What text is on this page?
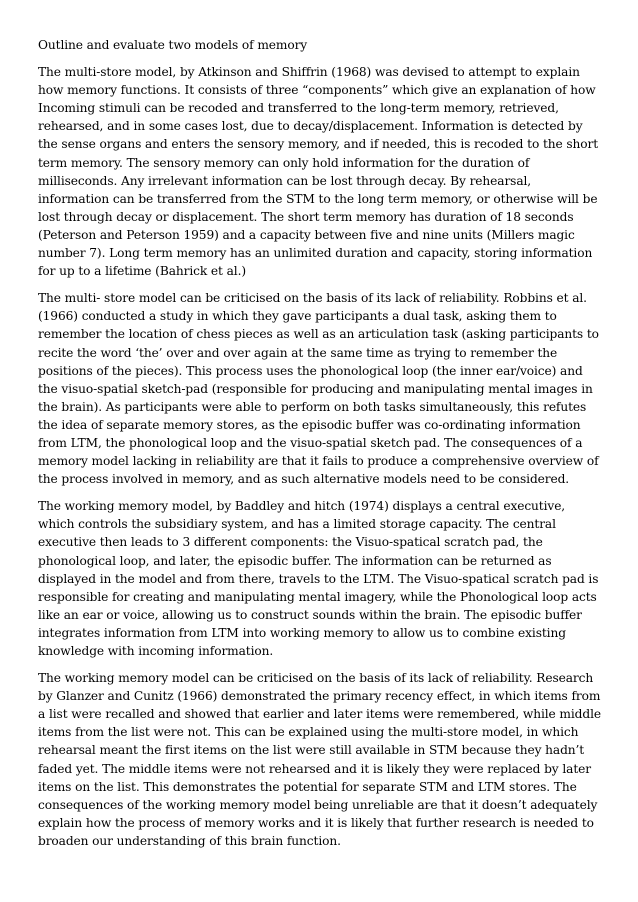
Outline and evaluate two models of memory

The multi-store model, by Atkinson and Shiffrin (1968) was devised to attempt to explain how memory functions. It consists of three “components” which give an explanation of how Incoming stimuli can be recoded and transferred to the long-term memory, retrieved, rehearsed, and in some cases lost, due to decay/displacement. Information is detected by the sense organs and enters the sensory memory, and if needed, this is recoded to the short term memory. The sensory memory can only hold information for the duration of milliseconds. Any irrelevant information can be lost through decay. By rehearsal, information can be transferred from the STM to the long term memory, or otherwise will be lost through decay or displacement. The short term memory has duration of 18 seconds (Peterson and Peterson 1959) and a capacity between five and nine units (Millers magic number 7). Long term memory has an unlimited duration and capacity, storing information for up to a lifetime (Bahrick et al.)

The multi- store model can be criticised on the basis of its lack of reliability. Robbins et al. (1966) conducted a study in which they gave participants a dual task, asking them to remember the location of chess pieces as well as an articulation task (asking participants to recite the word ‘the’ over and over again at the same time as trying to remember the positions of the pieces). This process uses the phonological loop (the inner ear/voice) and the visuo-spatial sketch-pad (responsible for producing and manipulating mental images in the brain). As participants were able to perform on both tasks simultaneously, this refutes the idea of separate memory stores, as the episodic buffer was co-ordinating information from LTM, the phonological loop and the visuo-spatial sketch pad. The consequences of a memory model lacking in reliability are that it fails to produce a comprehensive overview of the process involved in memory, and as such alternative models need to be considered.

The working memory model, by Baddley and hitch (1974) displays a central executive, which controls the subsidiary system, and has a limited storage capacity. The central executive then leads to 3 different components: the Visuo-spatical scratch pad, the phonological loop, and later, the episodic buffer. The information can be returned as displayed in the model and from there, travels to the LTM. The Visuo-spatical scratch pad is responsible for creating and manipulating mental imagery, while the Phonological loop acts like an ear or voice, allowing us to construct sounds within the brain. The episodic buffer integrates information from LTM into working memory to allow us to combine existing knowledge with incoming information.

The working memory model can be criticised on the basis of its lack of reliability. Research by Glanzer and Cunitz (1966) demonstrated the primary recency effect, in which items from a list were recalled and showed that earlier and later items were remembered, while middle items from the list were not. This can be explained using the multi-store model, in which rehearsal meant the first items on the list were still available in STM because they hadn’t faded yet. The middle items were not rehearsed and it is likely they were replaced by later items on the list. This demonstrates the potential for separate STM and LTM stores. The consequences of the working memory model being unreliable are that it doesn’t adequately explain how the process of memory works and it is likely that further research is needed to broaden our understanding of this brain function.
